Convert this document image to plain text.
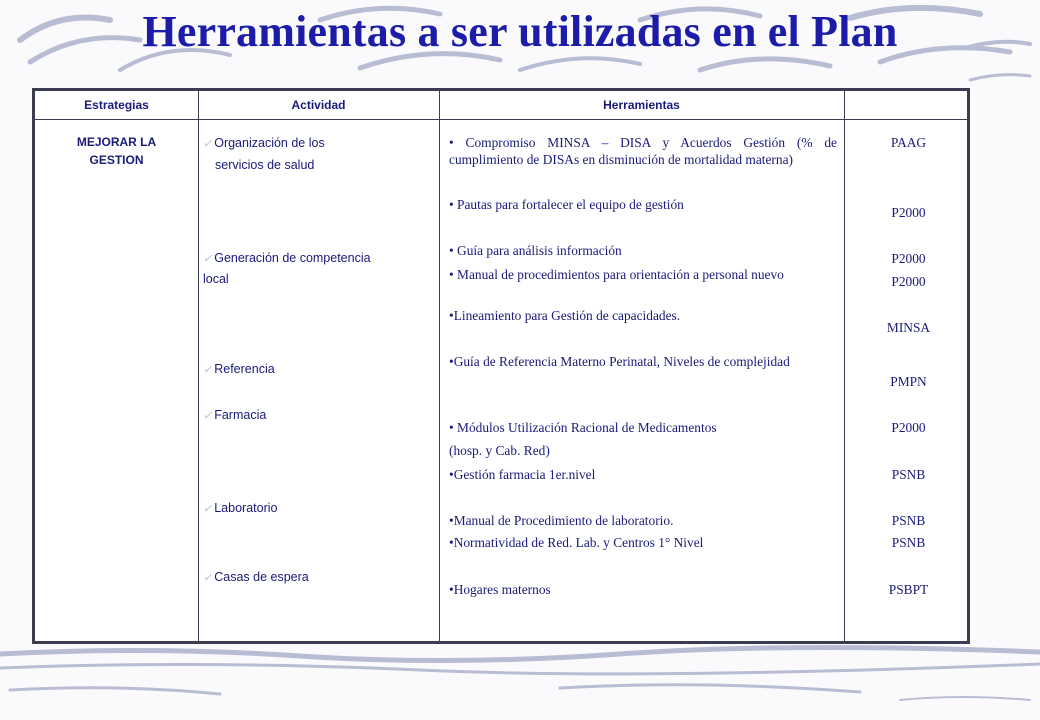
Herramientas a ser utilizadas en el Plan
Estrategias	Actividad	Herramientas
MEJORAR LA
GESTION
✓ Organización de los
servicios de salud
✓ Generación de competencia
local
✓ Referencia
✓ Farmacia
✓ Laboratorio
✓ Casas de espera
• Compromiso MINSA – DISA y Acuerdos Gestión (% de cumplimiento de DISAs en disminución de mortalidad materna)
• Pautas para fortalecer el equipo de gestión
• Guía para análisis información
• Manual de procedimientos para orientación a personal nuevo
•Lineamiento para Gestión de capacidades.
•Guía de Referencia Materno Perinatal, Niveles de complejidad
• Módulos Utilización Racional de Medicamentos
(hosp. y Cab. Red)
•Gestión farmacia 1er.nivel
•Manual de Procedimiento de laboratorio.
•Normatividad de Red. Lab. y Centros 1° Nivel
•Hogares maternos
PAAG
P2000
P2000
P2000
MINSA
PMPN
P2000
PSNB
PSNB
PSNB
PSBPT
